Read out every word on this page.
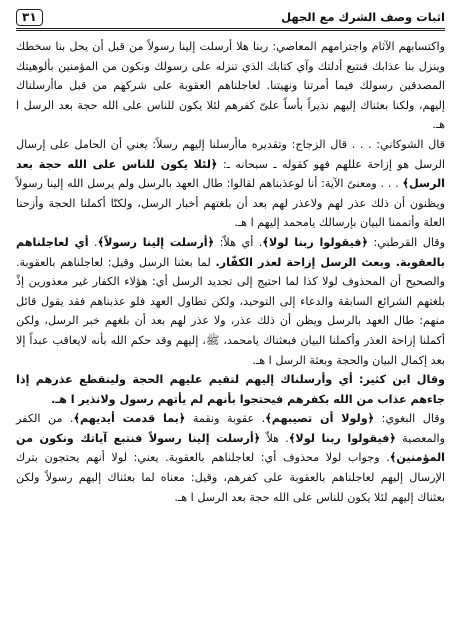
اثبات وصف الشرك مع الجهل
٣١

واكتسابهم الآثام واجترامهم المعاصي: ربنا هلا أرسلت إلينا رسولاً من قبل أن يحل بنا سخطك وينزل بنا عذابك فنتبع أدلتك وآي كتابك الذي تنزله على رسولك ونكون من المؤمنين بألوهيتك المصدقين رسولك فيما أمرتنا ونهيتنا. لعاجلناهم العقوبة على شركهم من قبل ماأرسلناك إليهم، ولكنا بعثناك إليهم نذيراً بأساً علىّ كفرهم لئلا يكون للناس على الله حجة بعد الرسل ا هـ.

قال الشوكاني: . . . قال الزجاج: وتقديره ماأرسلنا إليهم رسلاً: يعني أن الحامل على إرسال الرسل هو إزاحة عللهم فهو كقوله ـ سبحانه ـ: ﴿لئلا يكون للناس على الله حجة بعد الرسل﴾ . . . ومعنىً الآية: أنا لوعذبناهم لقالوا: طال العهد بالرسل ولم يرسل الله إلينا رسولاً ويظنون أن ذلك عذر لهم ولاعذر لهم بعد أن بلغتهم أخبار الرسل، ولكنّا أكملنا الحجة وأزحنا العلة وأتممنا البيان بإرسالك يامحمد إليهم ا هـ.

وقال القرطبي: ﴿فيقولوا ربنا لولا﴾. أي هلاّ: ﴿أرسلت إلينا رسولاً﴾. أي لعاجلناهم بالعقوبة. وبعث الرسل إزاحة لعذر الكفّار. لما بعثنا الرسل وقيل: لعاجلناهم بالعقوبة. والصحيح أن المحذوف لولا كذا لما احتيج إلى تجديد الرسل أي: هؤلاء الكفار غير معذورين إذْ بلغتهم الشرائع السابقة والدعاء إلى التوحيد، ولكن تطاول العهد فلو عذبناهم فقد يقول قائل منهم: طال العهد بالرسل ويظن أن ذلك عذر، ولا عذر لهم بعد أن بلغهم خبر الرسل، ولكن أكملنا إزاحة العذر وأكملنا البيان فبعثناك يامحمد، ﷺ، إليهم وقد حكم الله بأنه لايعاقب عبداً إلا بعد إكمال البيان والحجة وبعثة الرسل ا هـ.

وقال ابن كثير: أي وأرسلناك إليهم لتقيم عليهم الحجة ولينقطع عذرهم إذا جاءهم عذاب من الله بكفرهم فيحتجوا بأنهم لم يأتهم رسول ولانذير ا هـ.

وقال البغوي: ﴿ولولا أن تصيبهم﴾. عقوبة ونقمة ﴿بما قدمت أيديهم﴾. من الكفر والمعصية ﴿فيقولوا ربنا لولا﴾. هلاّ ﴿أرسلت إلينا رسولاً فنتبع آياتك ونكون من المؤمنين﴾. وجواب لولا محذوف أي: لعاجلناهم بالعقوبة. يعني: لولا أنهم يحتجون بترك الإرسال إليهم لعاجلناهم بالعقوبة على كفرهم، وقيل: معناه لما بعثناك إليهم رسولاً ولكن بعثناك إليهم لئلا يكون للناس على الله حجة بعد الرسل ا هـ.
